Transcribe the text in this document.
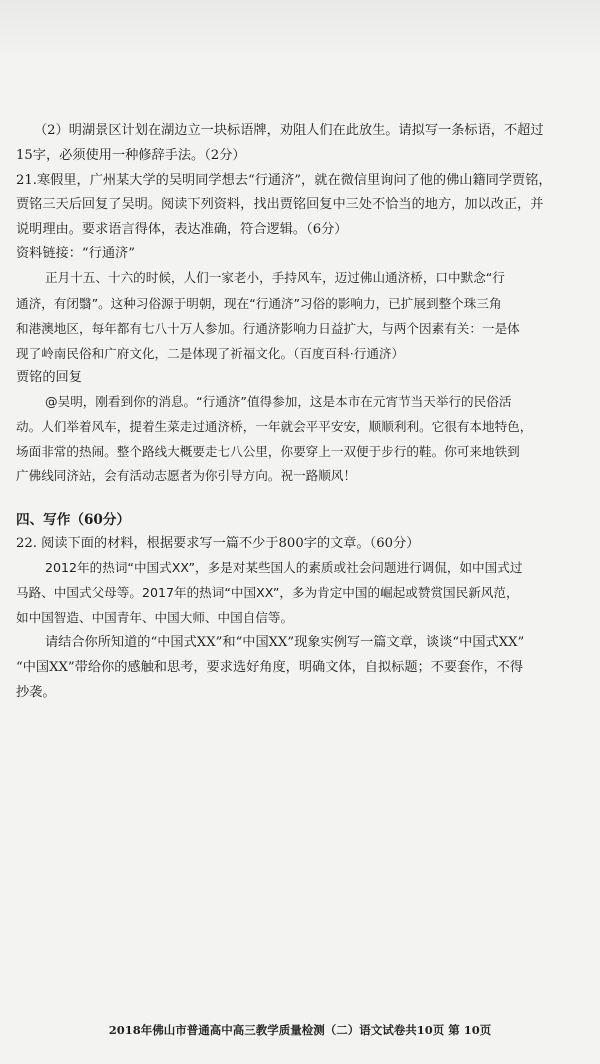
（2）明湖景区计划在湖边立一块标语牌，劝阻人们在此放生。请拟写一条标语，不超过
15字，必须使用一种修辞手法。（2分）
21.寒假里，广州某大学的吴明同学想去“行通济”，就在微信里询问了他的佛山籍同学贾铭，
贾铭三天后回复了吴明。阅读下列资料，找出贾铭回复中三处不恰当的地方，加以改正，并
说明理由。要求语言得体，表达准确，符合逻辑。（6分）
资料链接：“行通济”
正月十五、十六的时候，人们一家老小，手持风车，迈过佛山通济桥，口中默念“行
通济，有闭翳”。这种习俗源于明朝，现在“行通济”习俗的影响力，已扩展到整个珠三角
和港澳地区，每年都有七八十万人参加。行通济影响力日益扩大，与两个因素有关：一是体
现了岭南民俗和广府文化，二是体现了祈福文化。（百度百科·行通济）
贾铭的回复
@吴明，刚看到你的消息。“行通济”值得参加，这是本市在元宵节当天举行的民俗活
动。人们举着风车，提着生菜走过通济桥，一年就会平平安安，顺顺利利。它很有本地特色，
场面非常的热闹。整个路线大概要走七八公里，你要穿上一双便于步行的鞋。你可来地铁到
广佛线同济站，会有活动志愿者为你引导方向。祝一路顺风！
四、写作（60分）
22. 阅读下面的材料，根据要求写一篇不少于800字的文章。（60分）
2012年的热词“中国式XX”，多是对某些国人的素质或社会问题进行调侃，如中国式过
马路、中国式父母等。2017年的热词“中国XX”，多为肯定中国的崛起或赞赏国民新风范，
如中国智造、中国青年、中国大师、中国自信等。
请结合你所知道的“中国式XX”和“中国XX”现象实例写一篇文章，谈谈“中国式XX”
“中国XX”带给你的感触和思考，要求选好角度，明确文体，自拟标题；不要套作，不得
抄袭。
2018年佛山市普通高中高三教学质量检测（二）语文试卷共10页 第 10页
